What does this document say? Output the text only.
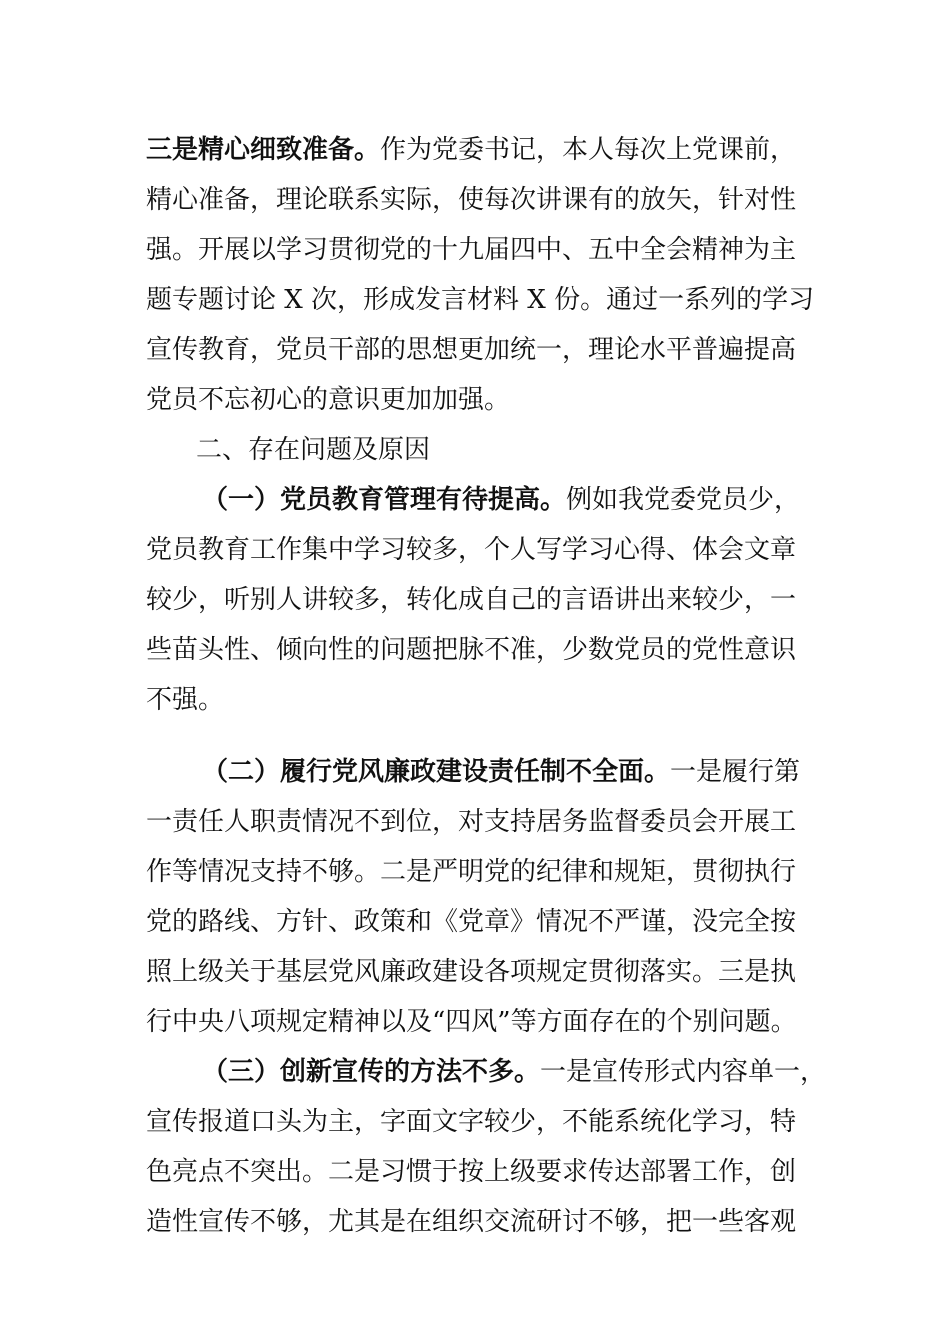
三是精心细致准备。作为党委书记，本人每次上党课前，
精心准备，理论联系实际，使每次讲课有的放矢，针对性
强。开展以学习贯彻党的十九届四中、五中全会精神为主
题专题讨论 X 次，形成发言材料 X 份。通过一系列的学习
宣传教育，党员干部的思想更加统一，理论水平普遍提高
党员不忘初心的意识更加加强。
二、存在问题及原因
（一）党员教育管理有待提高。例如我党委党员少，
党员教育工作集中学习较多，个人写学习心得、体会文章
较少，听别人讲较多，转化成自己的言语讲出来较少，一
些苗头性、倾向性的问题把脉不准，少数党员的党性意识
不强。
（二）履行党风廉政建设责任制不全面。一是履行第
一责任人职责情况不到位，对支持居务监督委员会开展工
作等情况支持不够。二是严明党的纪律和规矩，贯彻执行
党的路线、方针、政策和《党章》情况不严谨，没完全按
照上级关于基层党风廉政建设各项规定贯彻落实。三是执
行中央八项规定精神以及“四风”等方面存在的个别问题。
（三）创新宣传的方法不多。一是宣传形式内容单一，
宣传报道口头为主，字面文字较少，不能系统化学习，特
色亮点不突出。二是习惯于按上级要求传达部署工作，创
造性宣传不够，尤其是在组织交流研讨不够，把一些客观
